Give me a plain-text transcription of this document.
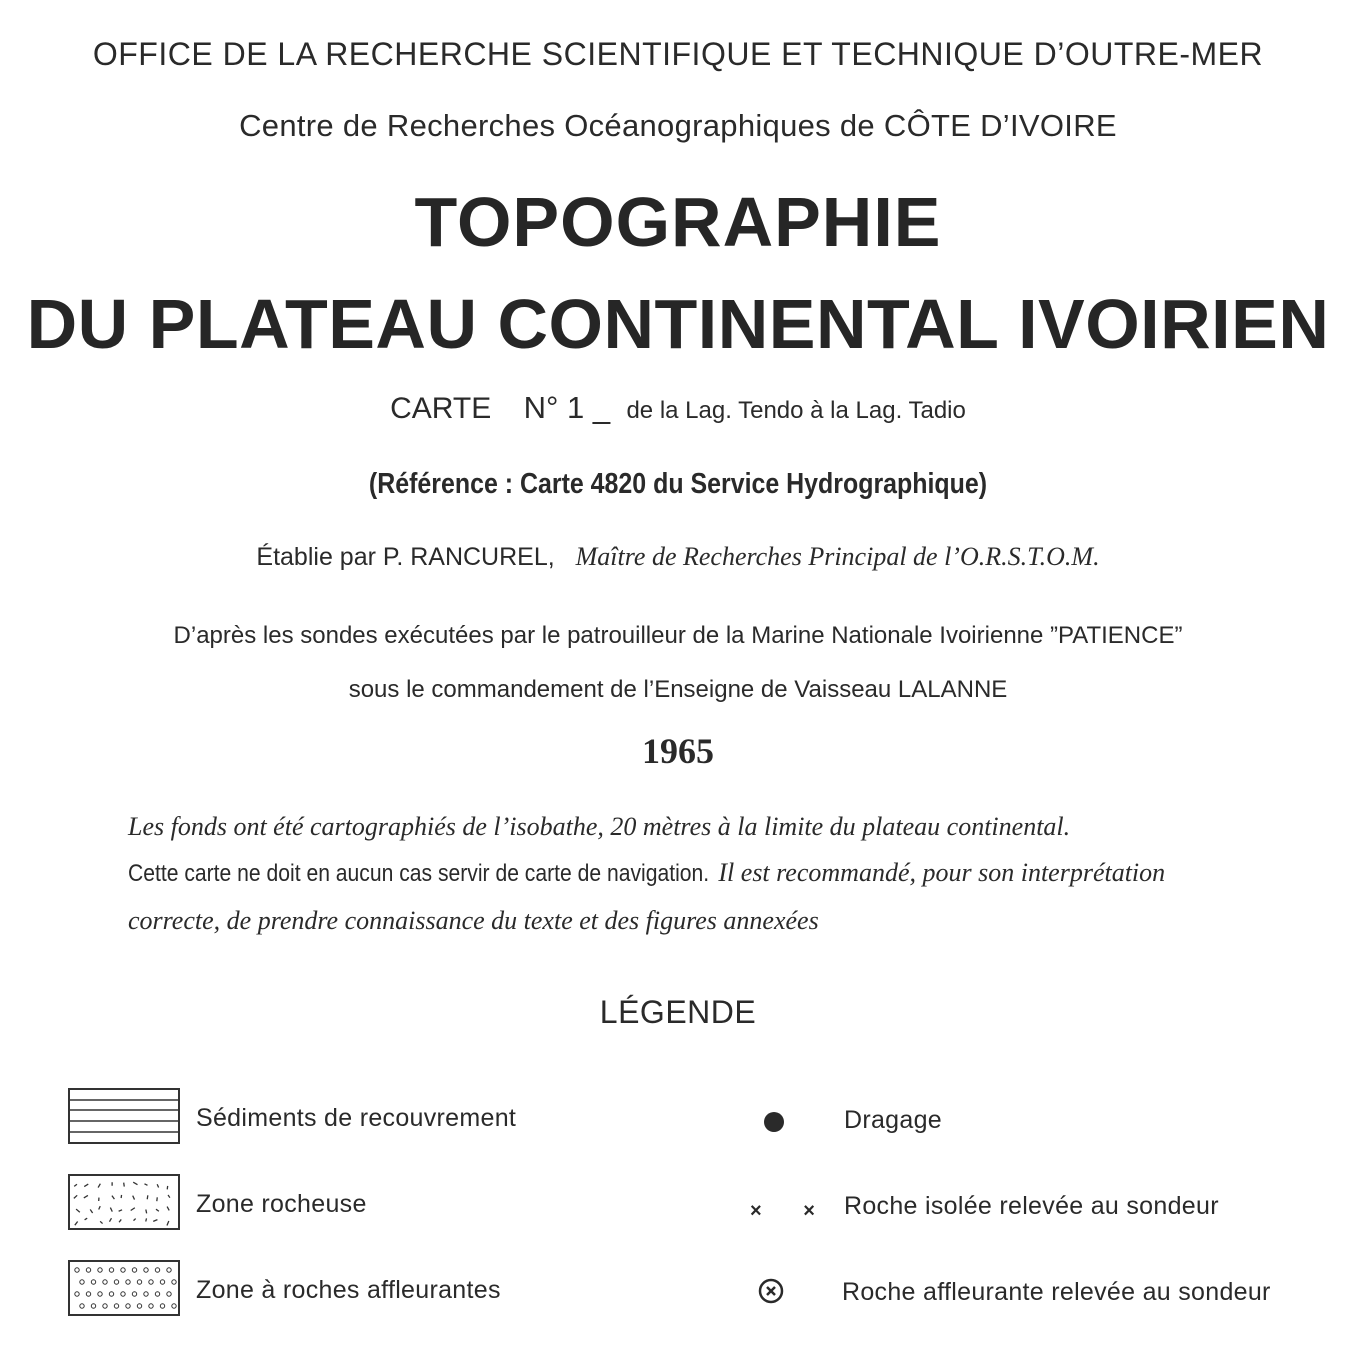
OFFICE DE LA RECHERCHE SCIENTIFIQUE ET TECHNIQUE D’OUTRE-MER
Centre de Recherches Océanographiques de CÔTE D’IVOIRE
TOPOGRAPHIE
DU PLATEAU CONTINENTAL IVOIRIEN
CARTE N° 1 _ de la Lag. Tendo à la Lag. Tadio
(Référence : Carte 4820 du Service Hydrographique)
Établie par P. RANCUREL, Maître de Recherches Principal de l’O.R.S.T.O.M.
D’après les sondes exécutées par le patrouilleur de la Marine Nationale Ivoirienne ”PATIENCE”
sous le commandement de l’Enseigne de Vaisseau LALANNE
1965
Les fonds ont été cartographiés de l’isobathe, 20 mètres à la limite du plateau continental.
Cette carte ne doit en aucun cas servir de carte de navigation. Il est recommandé, pour son interprétation
correcte, de prendre connaissance du texte et des figures annexées
LÉGENDE
Sédiments de recouvrement
Zone rocheuse
Zone à roches affleurantes
Dragage
× × Roche isolée relevée au sondeur
Roche affleurante relevée au sondeur
